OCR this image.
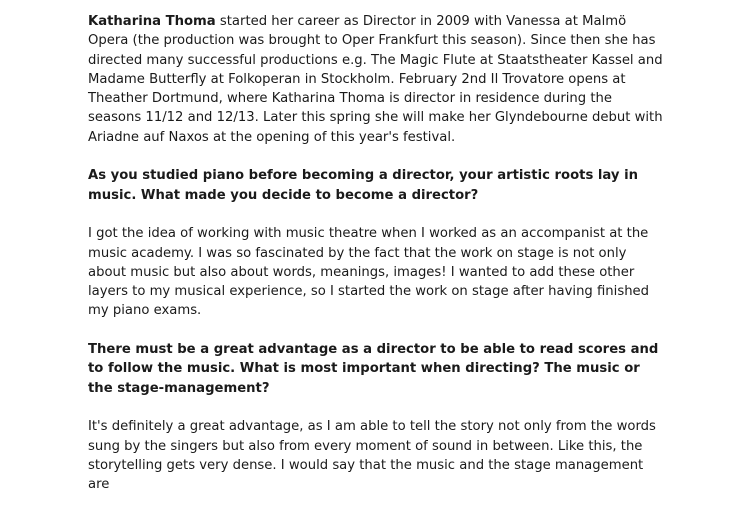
Katharina Thoma started her career as Director in 2009 with Vanessa at Malmö Opera (the production was brought to Oper Frankfurt this season). Since then she has directed many successful productions e.g. The Magic Flute at Staatstheater Kassel and Madame Butterfly at Folkoperan in Stockholm. February 2nd Il Trovatore opens at Theather Dortmund, where Katharina Thoma is director in residence during the seasons 11/12 and 12/13. Later this spring she will make her Glyndebourne debut with Ariadne auf Naxos at the opening of this year's festival.

As you studied piano before becoming a director, your artistic roots lay in music. What made you decide to become a director?

I got the idea of working with music theatre when I worked as an accompanist at the music academy. I was so fascinated by the fact that the work on stage is not only about music but also about words, meanings, images! I wanted to add these other layers to my musical experience, so I started the work on stage after having finished my piano exams.

There must be a great advantage as a director to be able to read scores and to follow the music. What is most important when directing? The music or the stage-management?

It's definitely a great advantage, as I am able to tell the story not only from the words sung by the singers but also from every moment of sound in between. Like this, the storytelling gets very dense. I would say that the music and the stage management are
